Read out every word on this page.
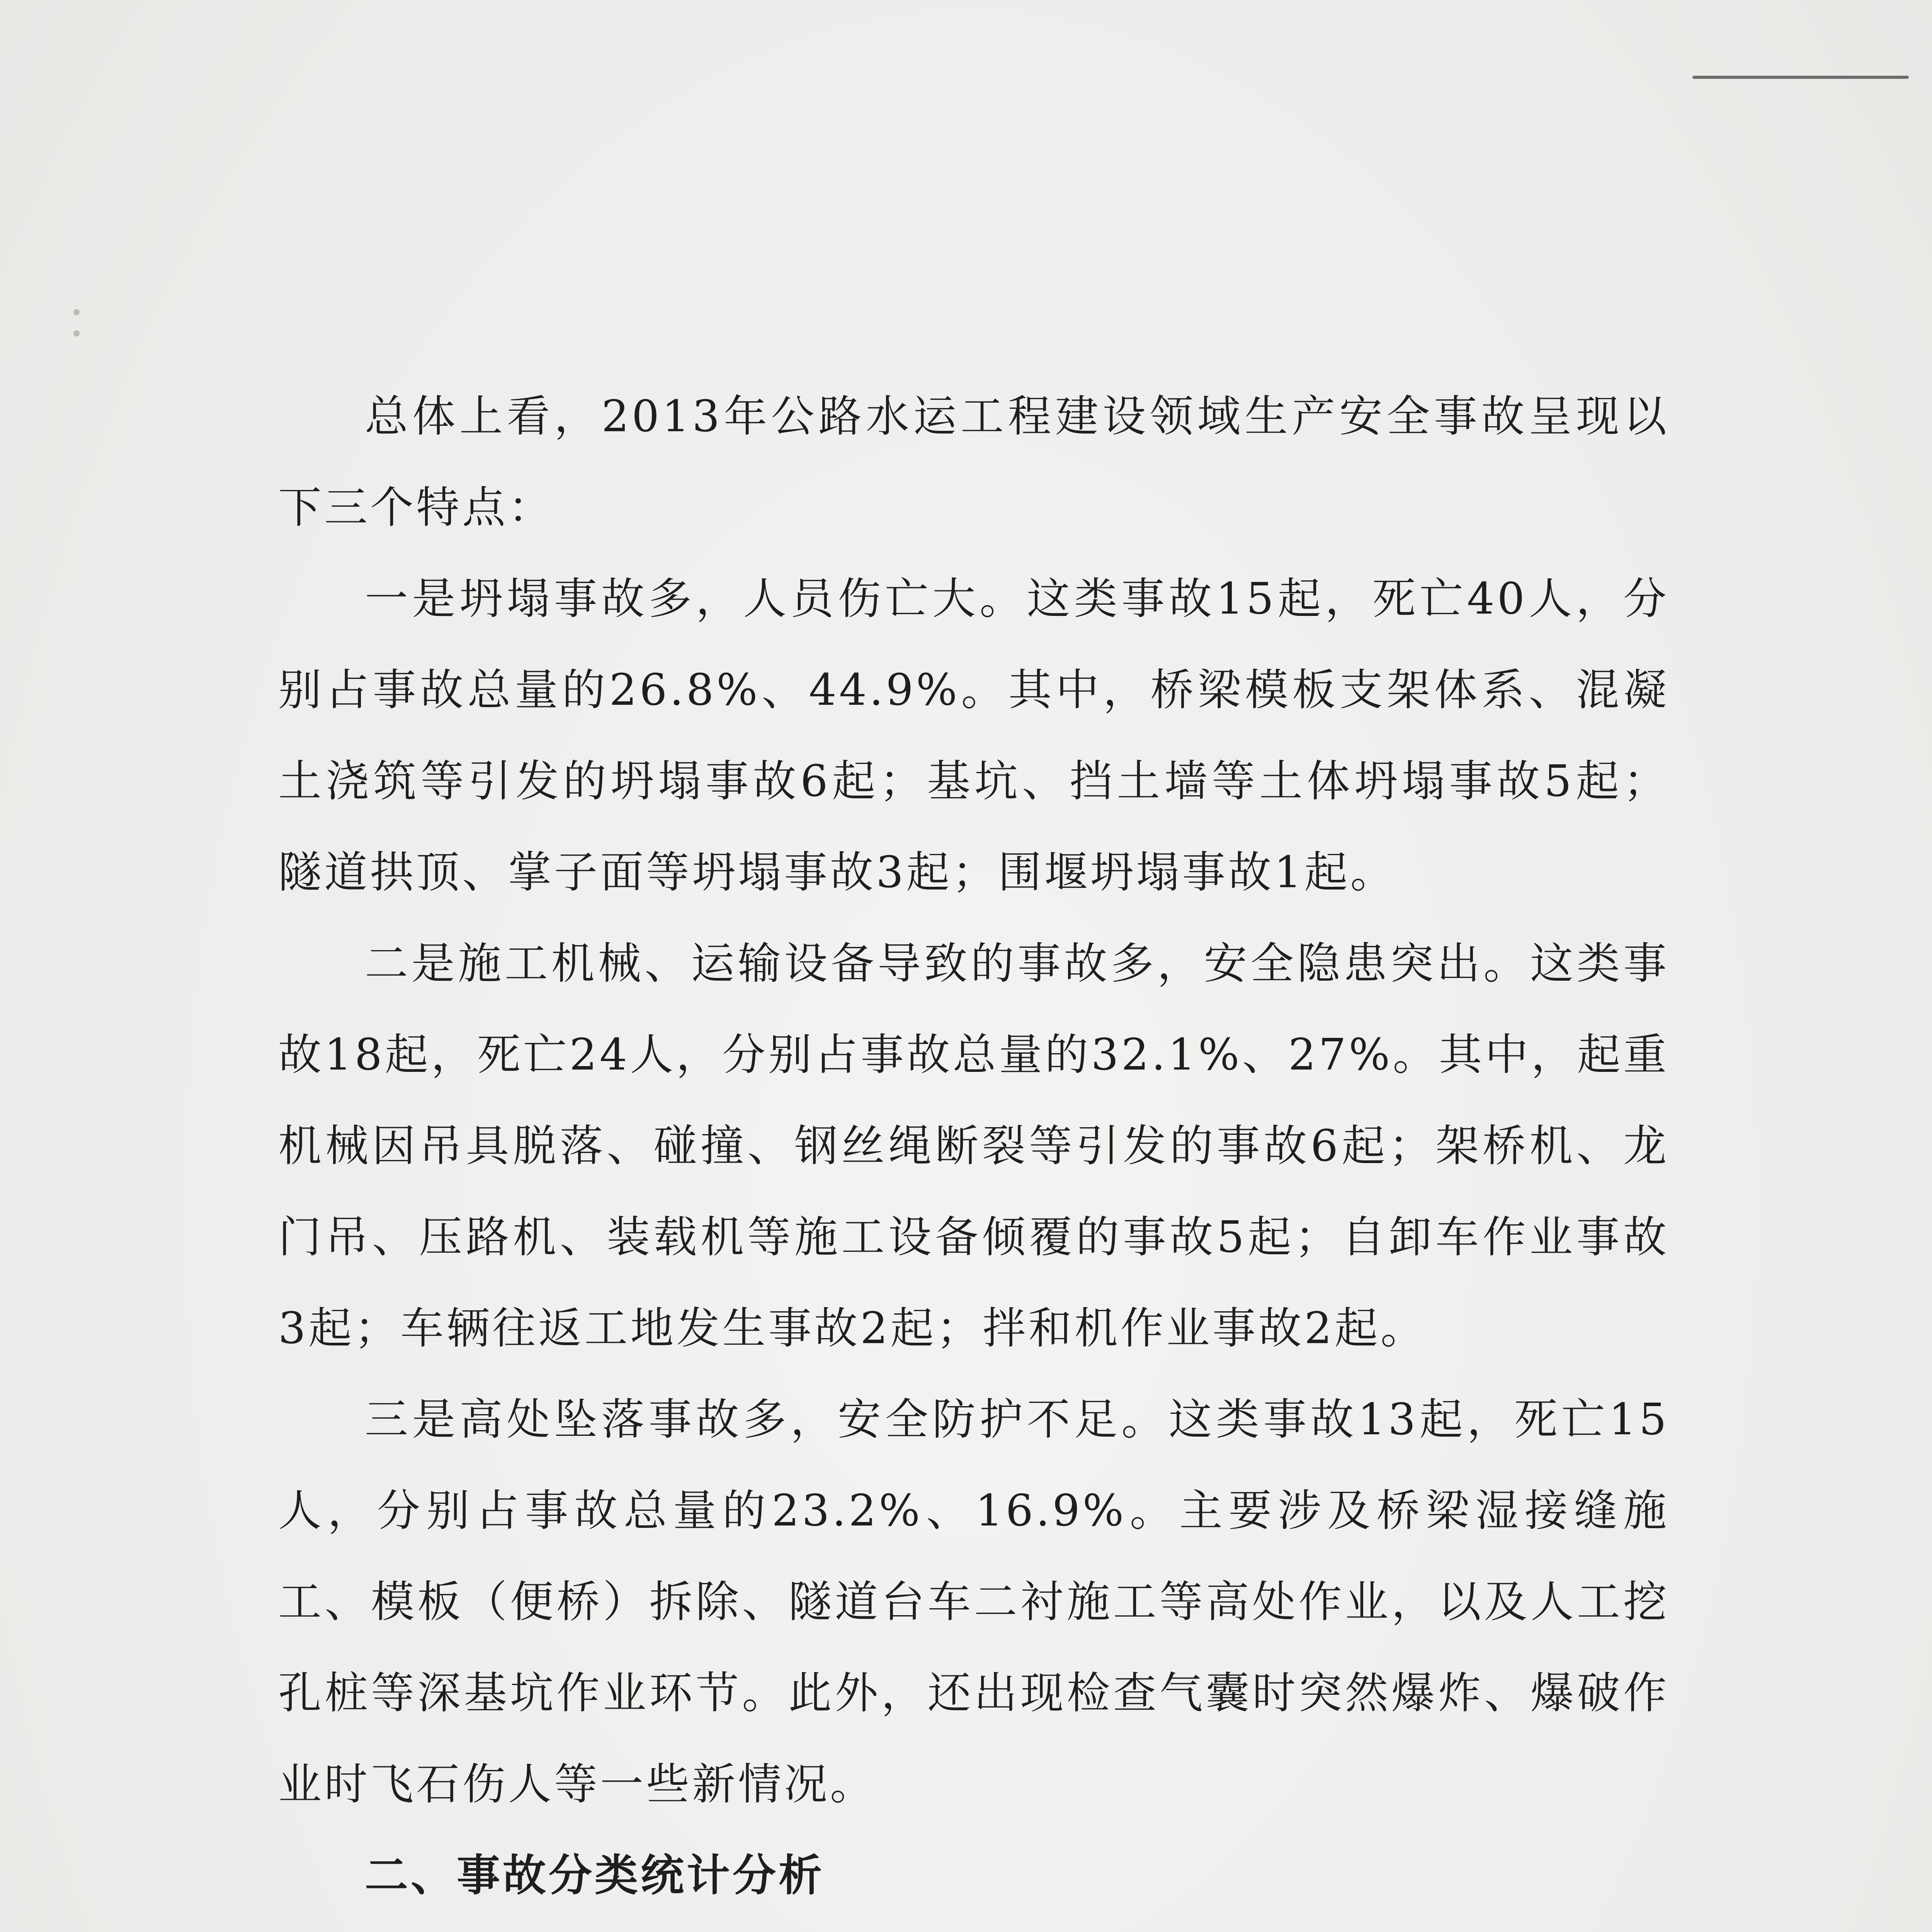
总体上看，2013年公路水运工程建设领域生产安全事故呈现以下三个特点：

一是坍塌事故多，人员伤亡大。这类事故15起，死亡40人，分别占事故总量的26.8%、44.9%。其中，桥梁模板支架体系、混凝土浇筑等引发的坍塌事故6起；基坑、挡土墙等土体坍塌事故5起；隧道拱顶、掌子面等坍塌事故3起；围堰坍塌事故1起。

二是施工机械、运输设备导致的事故多，安全隐患突出。这类事故18起，死亡24人，分别占事故总量的32.1%、27%。其中，起重机械因吊具脱落、碰撞、钢丝绳断裂等引发的事故6起；架桥机、龙门吊、压路机、装载机等施工设备倾覆的事故5起；自卸车作业事故3起；车辆往返工地发生事故2起；拌和机作业事故2起。

三是高处坠落事故多，安全防护不足。这类事故13起，死亡15人，分别占事故总量的23.2%、16.9%。主要涉及桥梁湿接缝施工、模板（便桥）拆除、隧道台车二衬施工等高处作业，以及人工挖孔桩等深基坑作业环节。此外，还出现检查气囊时突然爆炸、爆破作业时飞石伤人等一些新情况。

二、事故分类统计分析
